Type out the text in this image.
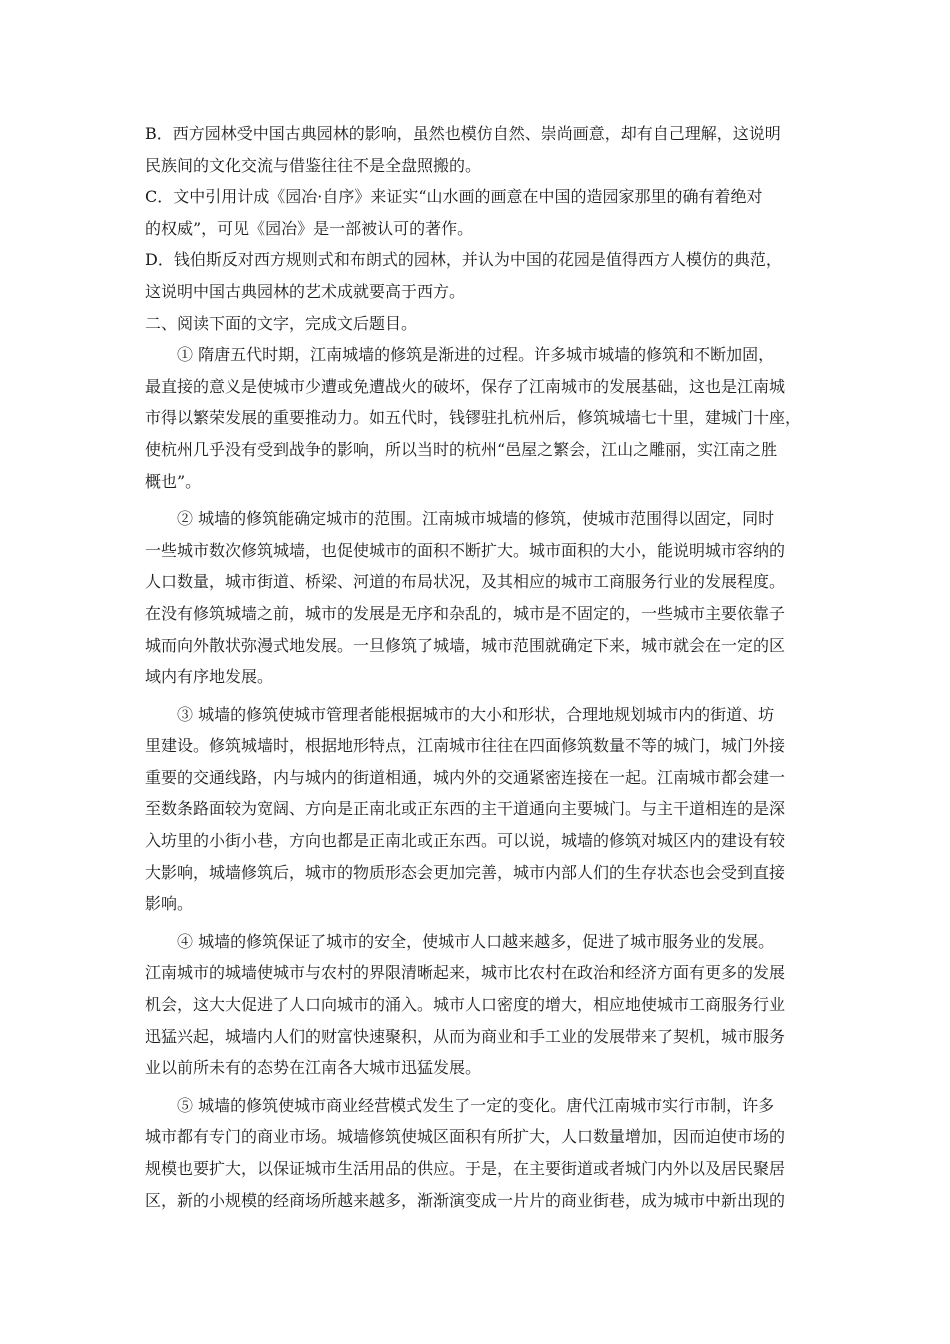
B．西方园林受中国古典园林的影响，虽然也模仿自然、崇尚画意，却有自己理解，这说明
民族间的文化交流与借鉴往往不是全盘照搬的。
C．文中引用计成《园冶·自序》来证实“山水画的画意在中国的造园家那里的确有着绝对
的权威”，可见《园冶》是一部被认可的著作。
D．钱伯斯反对西方规则式和布朗式的园林，并认为中国的花园是值得西方人模仿的典范，
这说明中国古典园林的艺术成就要高于西方。
二、阅读下面的文字，完成文后题目。
① 隋唐五代时期，江南城墙的修筑是渐进的过程。许多城市城墙的修筑和不断加固，
最直接的意义是使城市少遭或免遭战火的破坏，保存了江南城市的发展基础，这也是江南城
市得以繁荣发展的重要推动力。如五代时，钱镠驻扎杭州后，修筑城墙七十里，建城门十座，
使杭州几乎没有受到战争的影响，所以当时的杭州“邑屋之繁会，江山之雕丽，实江南之胜
概也”。
② 城墙的修筑能确定城市的范围。江南城市城墙的修筑，使城市范围得以固定，同时
一些城市数次修筑城墙，也促使城市的面积不断扩大。城市面积的大小，能说明城市容纳的
人口数量，城市街道、桥梁、河道的布局状况，及其相应的城市工商服务行业的发展程度。
在没有修筑城墙之前，城市的发展是无序和杂乱的，城市是不固定的，一些城市主要依靠子
城而向外散状弥漫式地发展。一旦修筑了城墙，城市范围就确定下来，城市就会在一定的区
域内有序地发展。
③ 城墙的修筑使城市管理者能根据城市的大小和形状，合理地规划城市内的街道、坊
里建设。修筑城墙时，根据地形特点，江南城市往往在四面修筑数量不等的城门，城门外接
重要的交通线路，内与城内的街道相通，城内外的交通紧密连接在一起。江南城市都会建一
至数条路面较为宽阔、方向是正南北或正东西的主干道通向主要城门。与主干道相连的是深
入坊里的小街小巷，方向也都是正南北或正东西。可以说，城墙的修筑对城区内的建设有较
大影响，城墙修筑后，城市的物质形态会更加完善，城市内部人们的生存状态也会受到直接
影响。
④ 城墙的修筑保证了城市的安全，使城市人口越来越多，促进了城市服务业的发展。
江南城市的城墙使城市与农村的界限清晰起来，城市比农村在政治和经济方面有更多的发展
机会，这大大促进了人口向城市的涌入。城市人口密度的增大，相应地使城市工商服务行业
迅猛兴起，城墙内人们的财富快速聚积，从而为商业和手工业的发展带来了契机，城市服务
业以前所未有的态势在江南各大城市迅猛发展。
⑤ 城墙的修筑使城市商业经营模式发生了一定的变化。唐代江南城市实行市制，许多
城市都有专门的商业市场。城墙修筑使城区面积有所扩大，人口数量增加，因而迫使市场的
规模也要扩大，以保证城市生活用品的供应。于是，在主要街道或者城门内外以及居民聚居
区，新的小规模的经商场所越来越多，渐渐演变成一片片的商业街巷，成为城市中新出现的
